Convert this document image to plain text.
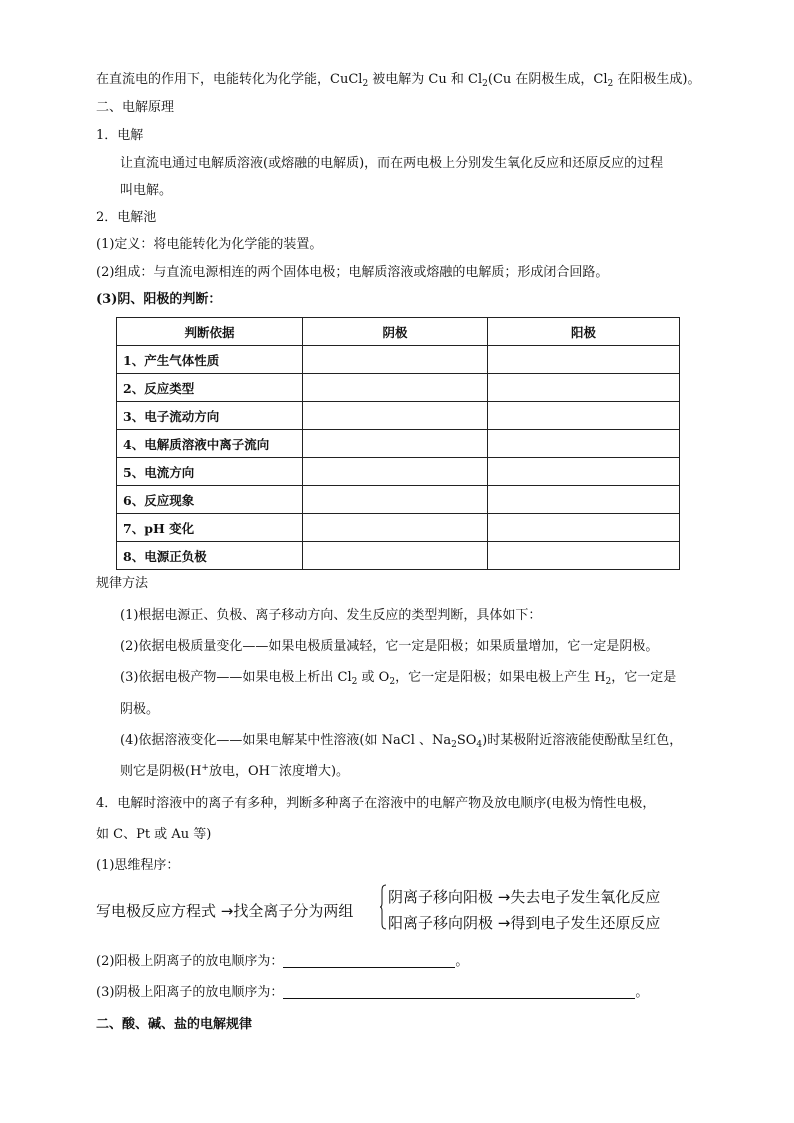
在直流电的作用下，电能转化为化学能，CuCl$_2$ 被电解为 Cu 和 $Cl_2(Cu$ 在阴极生成，$Cl_2$ 在阳极生成)。
二、电解原理
1．电解
让直流电通过电解质溶液(或熔融的电解质)，而在两电极上分别发生氧化反应和还原反应的过程
叫电解。
2．电解池
(1)定义：将电能转化为化学能的装置。
(2)组成：与直流电源相连的两个固体电极；电解质溶液或熔融的电解质；形成闭合回路。
(3)阴、阳极的判断：
判断依据	阴极	阳极
1、产生气体性质		
2、反应类型		
3、电子流动方向		
4、电解质溶液中离子流向		
5、电流方向		
6、反应现象		
7、pH 变化		
8、电源正负极		
规律方法
(1)根据电源正、负极、离子移动方向、发生反应的类型判断，具体如下：
(2)依据电极质量变化——如果电极质量减轻，它一定是阳极；如果质量增加，它一定是阴极。
(3)依据电极产物——如果电极上析出 $Cl_2$ 或 $O_2$，它一定是阳极；如果电极上产生 $H_2$，它一定是
阴极。
(4)依据溶液变化——如果电解某中性溶液(如 NaCl 、$Na_2SO_4$)时某极附近溶液能使酚酞呈红色，
则它是阴极(H+放电，OH－浓度增大)。
4．电解时溶液中的离子有多种，判断多种离子在溶液中的电解产物及放电顺序(电极为惰性电极，
如 C、Pt 或 Au 等)
(1)思维程序：
写电极反应方程式 →找全离子分为两组
阴离子移向阳极 →失去电子发生氧化反应
阳离子移向阴极 →得到电子发生还原反应
(2)阳极上阴离子的放电顺序为：	。
(3)阴极上阳离子的放电顺序为：	。
二、酸、碱、盐的电解规律
